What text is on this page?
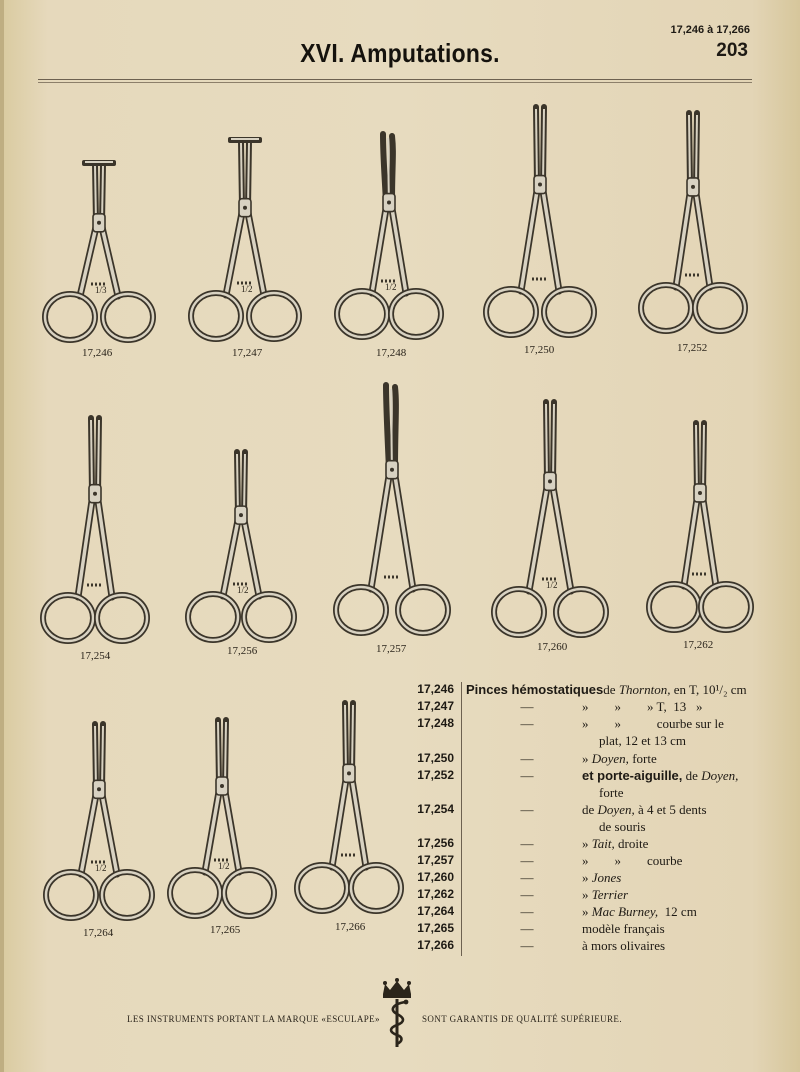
XVI. Amputations.
17,246 à 17,266
203
1/3
17,246
1/2
17,247
1/2
17,248	17,250	17,252
17,254
1/2
17,256	17,257
1/2
17,260	17,262
1/2
17,264
1/2
17,265	17,266
17,246 Pinces hémostatiquesde Thornton, en T, 10¹/₂ cm
17,247	—	»        »        » T,  13   »
17,248	—	»        »           courbe sur le
plat, 12 et 13 cm
17,250	—	» Doyen, forte
17,252	—	et porte-aiguille, de Doyen,
forte
17,254	—	de Doyen, à 4 et 5 dents
de souris
17,256	—	» Tait, droite
17,257	—	»        »        courbe
17,260	—	» Jones
17,262	—	» Terrier
17,264	—	» Mac Burney,  12 cm
17,265	—	modèle français
17,266	—	à mors olivaires
LES INSTRUMENTS PORTANT LA MARQUE «ESCULAPE»	SONT GARANTIS DE QUALITÉ SUPÉRIEURE.
